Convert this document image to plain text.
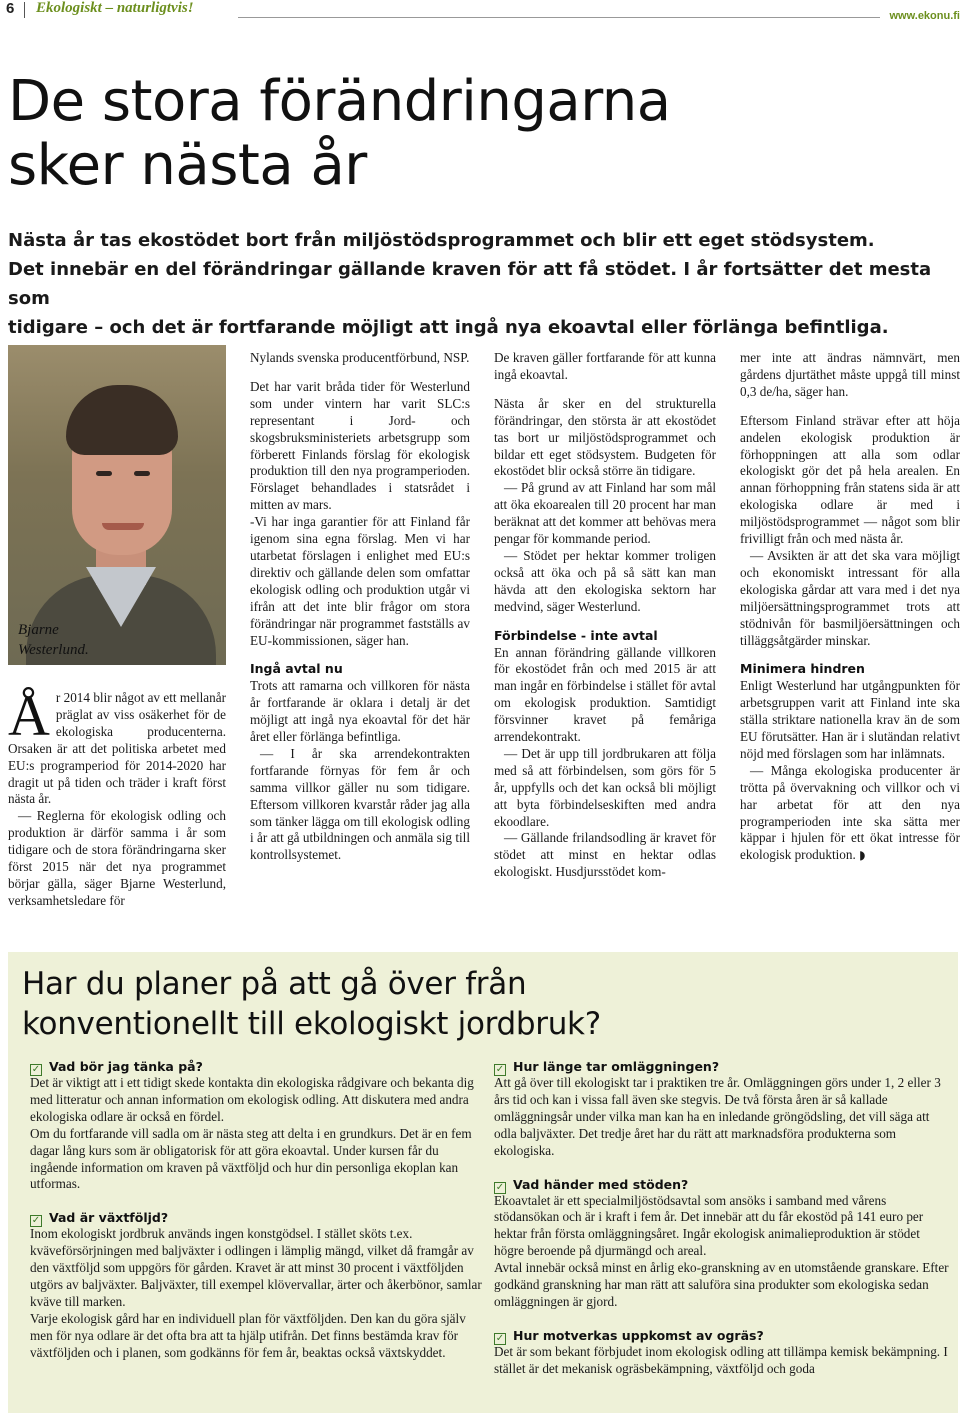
6 Ekologiskt – naturligtvis!	www.ekonu.fi
De stora förändringarna
sker nästa år

Nästa år tas ekostödet bort från miljöstödsprogrammet och blir ett eget stödsystem.

Det innebär en del förändringar gällande kraven för att få stödet. I år fortsätter det mesta som

tidigare – och det är fortfarande möjligt att ingå nya ekoavtal eller förlänga befintliga.

Bjarne Westerlund.

År 2014 blir något av ett mellanår präglat av viss osäkerhet för de ekologiska producenterna. Orsaken är att det politiska arbetet med EU:s programperiod för 2014-2020 har dragit ut på tiden och träder i kraft först nästa år.

— Reglerna för ekologisk odling och produktion är därför samma i år som tidigare och de stora förändringarna sker först 2015 när det nya programmet börjar gälla, säger Bjarne Westerlund, verksamhetsledare för

Nylands svenska producentförbund, NSP.

Det har varit bråda tider för Westerlund som under vintern har varit SLC:s representant i Jord- och skogsbruksministeriets arbetsgrupp som förberett Finlands förslag för ekologisk produktion till den nya programperioden. Förslaget behandlades i statsrådet i mitten av mars.

-Vi har inga garantier för att Finland får igenom sina egna förslag. Men vi har utarbetat förslagen i enlighet med EU:s direktiv och gällande delen som omfattar ekologisk odling och produktion utgår vi ifrån att det inte blir frågor om stora förändringar när programmet fastställs av EU-kommissionen, säger han.

Ingå avtal nu

Trots att ramarna och villkoren för nästa år fortfarande är oklara i detalj är det möjligt att ingå nya ekoavtal för det här året eller förlänga befintliga.

— I år ska arrendekontrakten fortfarande förnyas för fem år och samma villkor gäller nu som tidigare. Eftersom villkoren kvarstår råder jag alla som tänker lägga om till ekologisk odling i år att gå utbildningen och anmäla sig till kontrollsystemet.

De kraven gäller fortfarande för att kunna ingå ekoavtal.

Nästa år sker en del strukturella förändringar, den största är att ekostödet tas bort ur miljöstödsprogrammet och bildar ett eget stödsystem. Budgeten för ekostödet blir också större än tidigare.

— På grund av att Finland har som mål att öka ekoarealen till 20 procent har man beräknat att det kommer att behövas mera pengar för kommande period.

— Stödet per hektar kommer troligen också att öka och på så sätt kan man hävda att den ekologiska sektorn har medvind, säger Westerlund.

Förbindelse - inte avtal

En annan förändring gällande villkoren för ekostödet från och med 2015 är att man ingår en förbindelse i stället för avtal om ekologisk produktion. Samtidigt försvinner kravet på femåriga arrendekontrakt.

— Det är upp till jordbrukaren att följa med så att förbindelsen, som görs för 5 år, uppfylls och det kan också bli möjligt att byta förbindelseskiften med andra ekoodlare.

— Gällande frilandsodling är kravet för stödet att minst en hektar odlas ekologiskt. Husdjursstödet kom-

mer inte att ändras nämnvärt, men gårdens djurtäthet måste uppgå till minst 0,3 de/ha, säger han.

Eftersom Finland strävar efter att höja andelen ekologisk produktion är förhoppningen att alla som odlar ekologiskt gör det på hela arealen. En annan förhoppning från statens sida är att ekologiska odlare är med i miljöstödsprogrammet — något som blir frivilligt från och med nästa år.

— Avsikten är att det ska vara möjligt och ekonomiskt intressant för alla ekologiska gårdar att vara med i det nya miljöersättningsprogrammet trots att stödnivån för basmiljöersättningen och tilläggsåtgärder minskar.

Minimera hindren

Enligt Westerlund har utgångpunkten för arbetsgruppen varit att Finland inte ska ställa striktare nationella krav än de som EU förutsätter. Han är i slutändan relativt nöjd med förslagen som har inlämnats.

— Många ekologiska producenter är trötta på övervakning och villkor och vi har arbetat för att den nya programperioden inte ska sätta mer käppar i hjulen för ett ökat intresse för ekologisk produktion. ◗

Har du planer på att gå över från
konventionellt till ekologiskt jordbruk?

✓ Vad bör jag tänka på?

Det är viktigt att i ett tidigt skede kontakta din ekologiska rådgivare och bekanta dig med litteratur och annan information om ekologisk odling. Att diskutera med andra ekologiska odlare är också en fördel.

Om du fortfarande vill sadla om är nästa steg att delta i en grundkurs. Det är en fem dagar lång kurs som är obligatorisk för att göra ekoavtal. Under kursen får du ingående information om kraven på växtföljd och hur din personliga ekoplan kan utformas.

✓ Vad är växtföljd?

Inom ekologiskt jordbruk används ingen konstgödsel. I stället sköts t.ex. kväveförsörjningen med baljväxter i odlingen i lämplig mängd, vilket då framgår av den växtföljd som uppgörs för gården. Kravet är att minst 30 procent i växtföljden utgörs av baljväxter. Baljväxter, till exempel klövervallar, ärter och åkerbönor, samlar kväve till marken.

Varje ekologisk gård har en individuell plan för växtföljden. Den kan du göra själv men för nya odlare är det ofta bra att ta hjälp utifrån. Det finns bestämda krav för växtföljden och i planen, som godkänns för fem år, beaktas också växtskyddet.

✓ Hur länge tar omläggningen?

Att gå över till ekologiskt tar i praktiken tre år. Omläggningen görs under 1, 2 eller 3 års tid och kan i vissa fall även ske stegvis. De två första åren är så kallade omläggningsår under vilka man kan ha en inledande gröngödsling, det vill säga att odla baljväxter. Det tredje året har du rätt att marknadsföra produkterna som ekologiska.

✓ Vad händer med stöden?

Ekoavtalet är ett specialmiljöstödsavtal som ansöks i samband med vårens stödansökan och är i kraft i fem år. Det innebär att du får ekostöd på 141 euro per hektar från första omläggningsåret. Ingår ekologisk animalieproduktion är stödet högre beroende på djurmängd och areal.

Avtal innebär också minst en årlig eko-granskning av en utomstående granskare. Efter godkänd granskning har man rätt att saluföra sina produkter som ekologiska sedan omläggningen är gjord.

✓ Hur motverkas uppkomst av ogräs?

Det är som bekant förbjudet inom ekologisk odling att tillämpa kemisk bekämpning. I stället är det mekanisk ogräsbekämpning, växtföljd och goda
